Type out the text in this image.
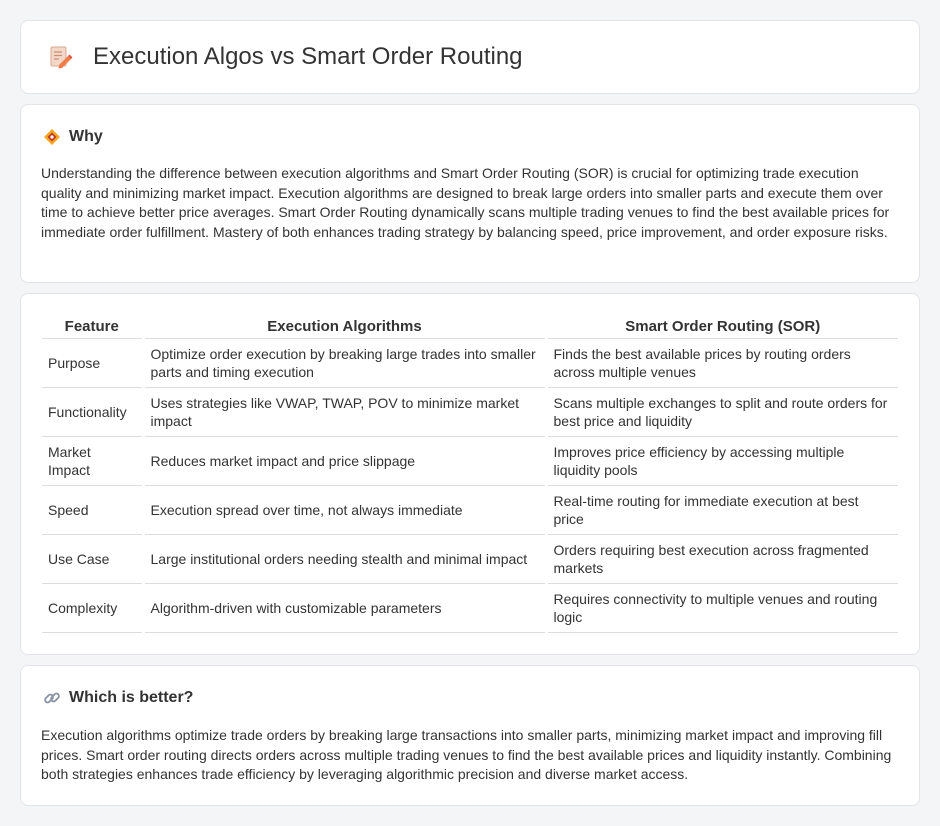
Execution Algos vs Smart Order Routing
Why

Understanding the difference between execution algorithms and Smart Order Routing (SOR) is crucial for optimizing trade execution quality and minimizing market impact. Execution algorithms are designed to break large orders into smaller parts and execute them over time to achieve better price averages. Smart Order Routing dynamically scans multiple trading venues to find the best available prices for immediate order fulfillment. Mastery of both enhances trading strategy by balancing speed, price improvement, and order exposure risks.

Feature	Execution Algorithms	Smart Order Routing (SOR)
Purpose	Optimize order execution by breaking large trades into smaller parts and timing execution	Finds the best available prices by routing orders across multiple venues
Functionality	Uses strategies like VWAP, TWAP, POV to minimize market impact	Scans multiple exchanges to split and route orders for best price and liquidity
Market Impact	Reduces market impact and price slippage	Improves price efficiency by accessing multiple liquidity pools
Speed	Execution spread over time, not always immediate	Real-time routing for immediate execution at best price
Use Case	Large institutional orders needing stealth and minimal impact	Orders requiring best execution across fragmented markets
Complexity	Algorithm-driven with customizable parameters	Requires connectivity to multiple venues and routing logic
Which is better?

Execution algorithms optimize trade orders by breaking large transactions into smaller parts, minimizing market impact and improving fill prices. Smart order routing directs orders across multiple trading venues to find the best available prices and liquidity instantly. Combining both strategies enhances trade efficiency by leveraging algorithmic precision and diverse market access.
